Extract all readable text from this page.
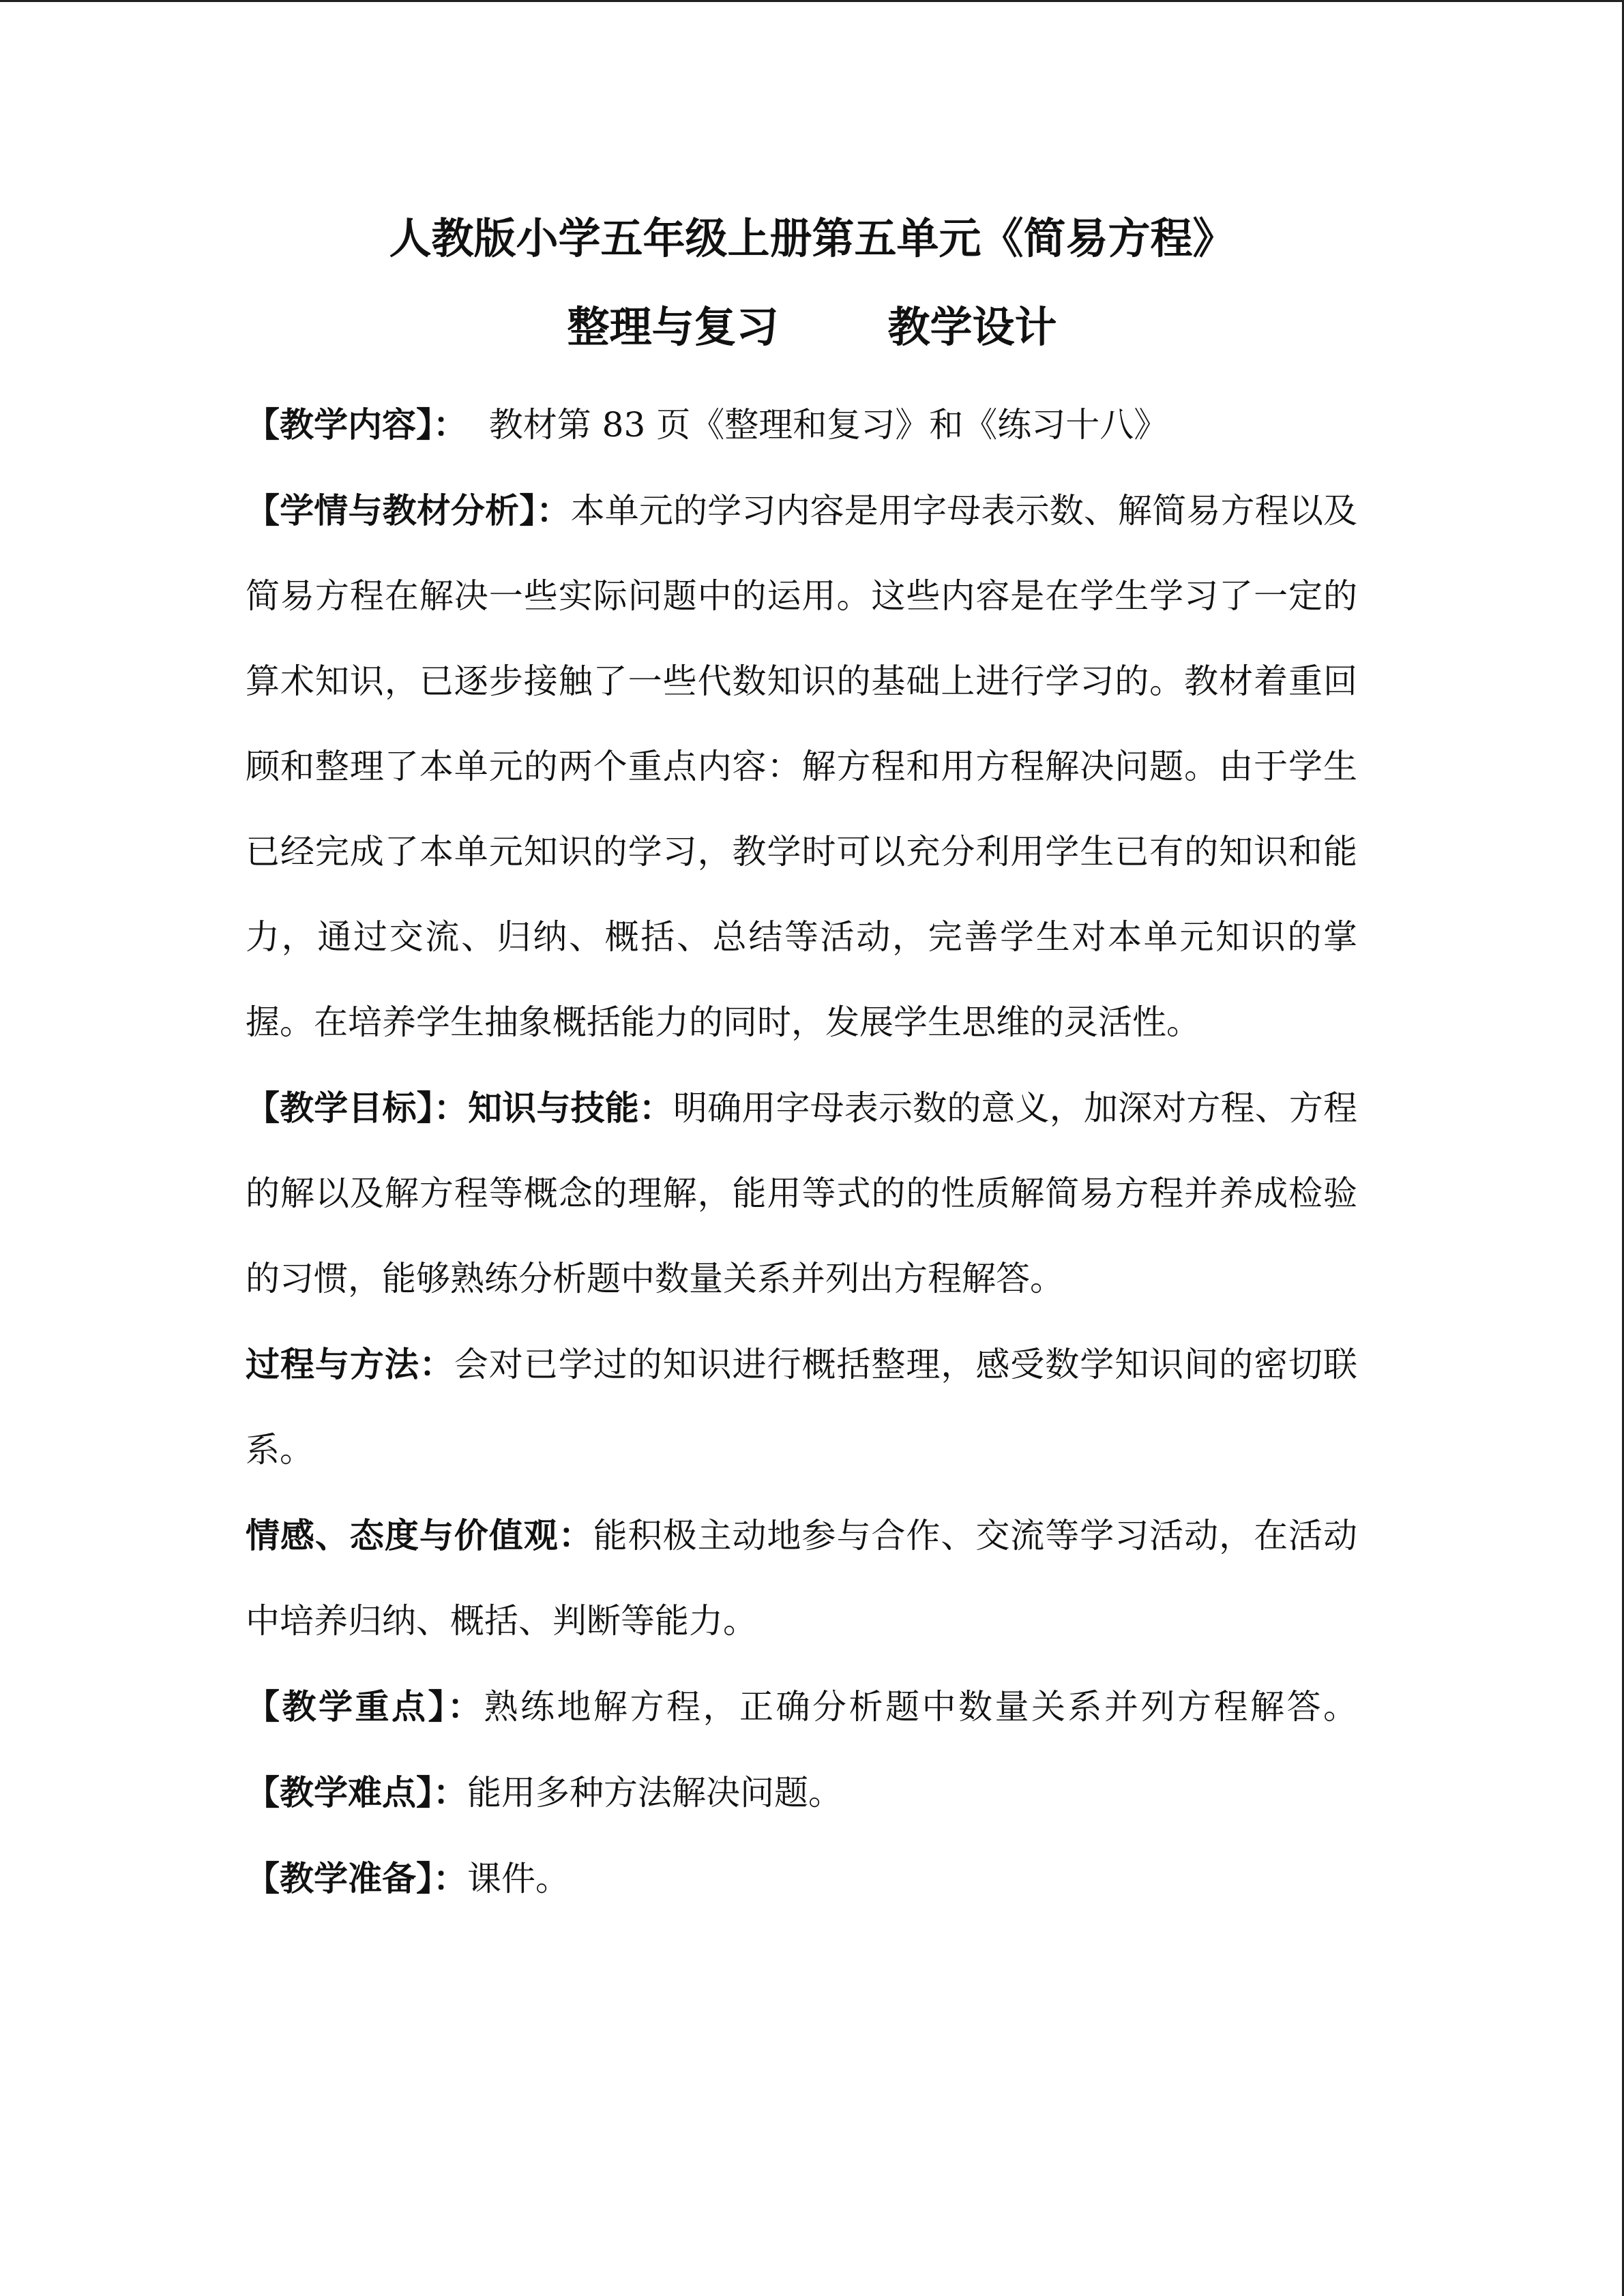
人教版小学五年级上册第五单元《简易方程》
整理与复习	教学设计

【教学内容】：  教材第 83 页《整理和复习》和《练习十八》

【学情与教材分析】：本单元的学习内容是用字母表示数、解简易方程以及简易方程在解决一些实际问题中的运用。这些内容是在学生学习了一定的算术知识，已逐步接触了一些代数知识的基础上进行学习的。教材着重回顾和整理了本单元的两个重点内容：解方程和用方程解决问题。由于学生已经完成了本单元知识的学习，教学时可以充分利用学生已有的知识和能力，通过交流、归纳、概括、总结等活动，完善学生对本单元知识的掌握。在培养学生抽象概括能力的同时，发展学生思维的灵活性。

【教学目标】：知识与技能：明确用字母表示数的意义，加深对方程、方程的解以及解方程等概念的理解，能用等式的的性质解简易方程并养成检验的习惯，能够熟练分析题中数量关系并列出方程解答。

过程与方法：会对已学过的知识进行概括整理，感受数学知识间的密切联系。

情感、态度与价值观：能积极主动地参与合作、交流等学习活动，在活动中培养归纳、概括、判断等能力。

【教学重点】：熟练地解方程，正确分析题中数量关系并列方程解答。 【教学难点】：能用多种方法解决问题。

【教学准备】：课件。
